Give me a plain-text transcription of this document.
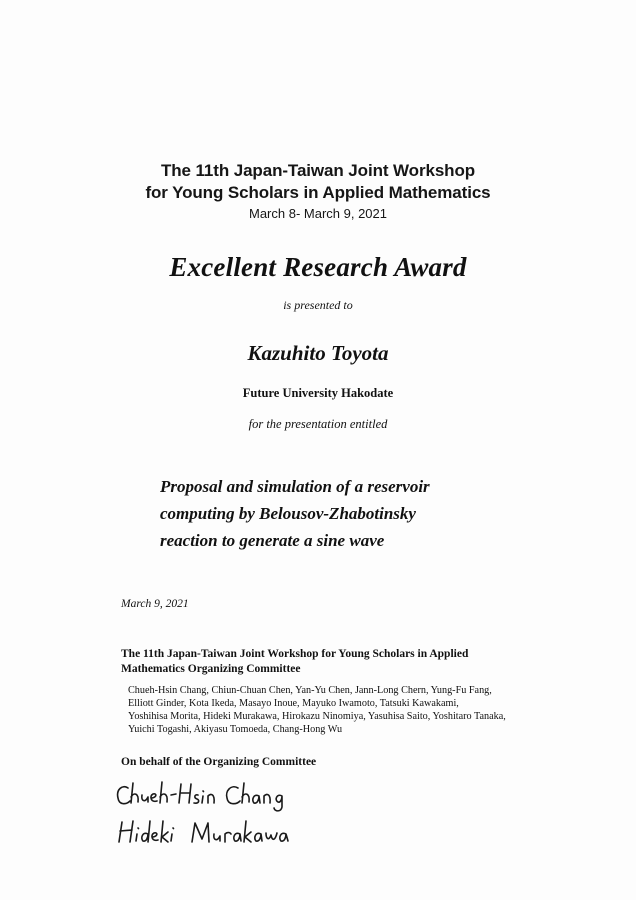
The 11th Japan-Taiwan Joint Workshop
for Young Scholars in Applied Mathematics
March 8- March 9, 2021
Excellent Research Award
is presented to
Kazuhito Toyota
Future University Hakodate
for the presentation entitled
Proposal and simulation of a reservoir
computing by Belousov-Zhabotinsky
reaction to generate a sine wave
March 9, 2021
The 11th Japan-Taiwan Joint Workshop for Young Scholars in Applied
Mathematics Organizing Committee
Chueh-Hsin Chang, Chiun-Chuan Chen, Yan-Yu Chen, Jann-Long Chern, Yung-Fu Fang,
Elliott Ginder, Kota Ikeda, Masayo Inoue, Mayuko Iwamoto, Tatsuki Kawakami,
Yoshihisa Morita, Hideki Murakawa, Hirokazu Ninomiya, Yasuhisa Saito, Yoshitaro Tanaka,
Yuichi Togashi, Akiyasu Tomoeda, Chang-Hong Wu
On behalf of the Organizing Committee
